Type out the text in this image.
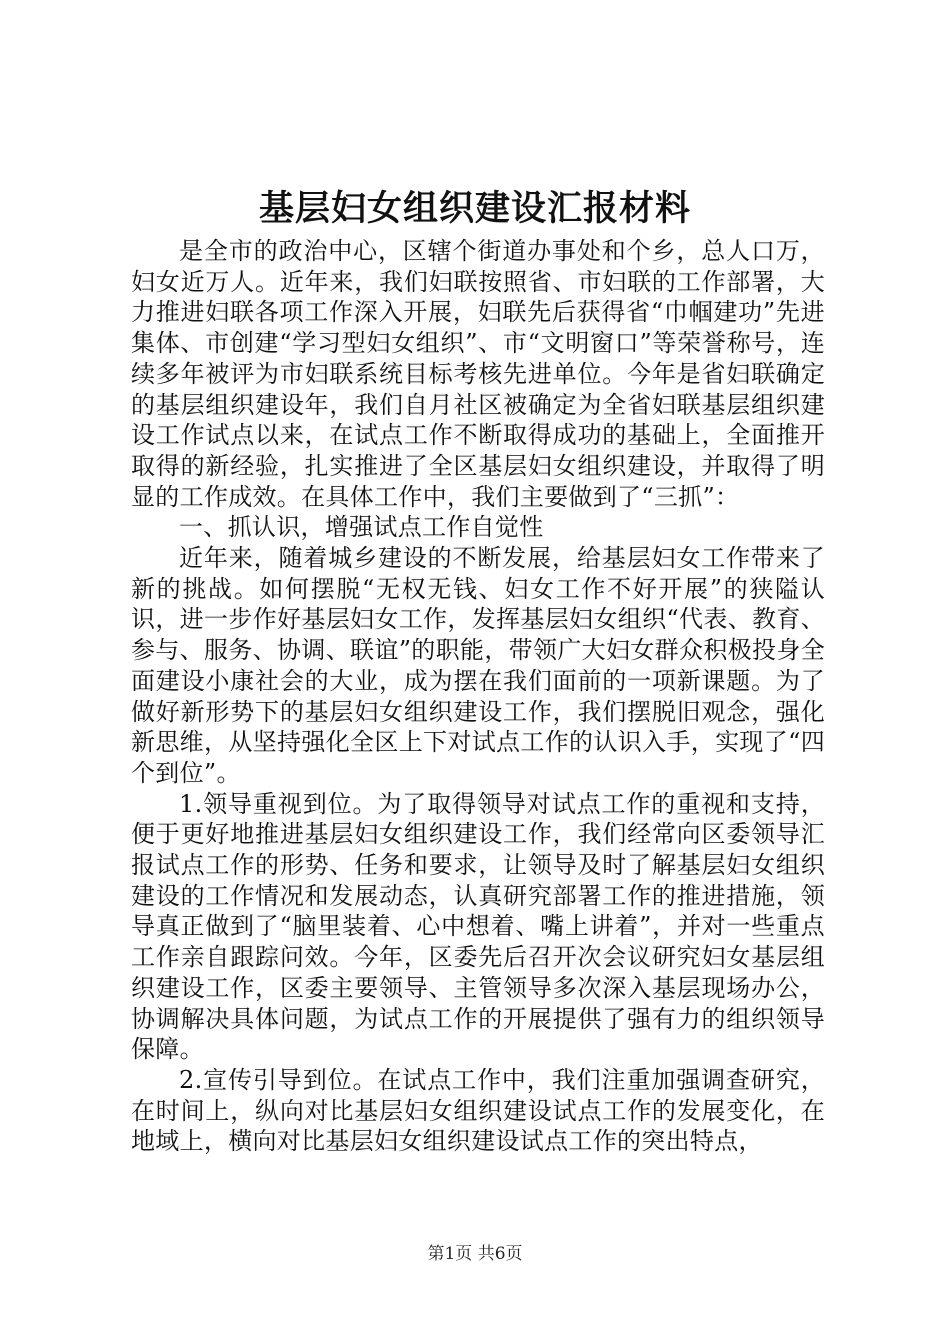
基层妇女组织建设汇报材料

是全市的政治中心，区辖个街道办事处和个乡，总人口万，妇女近万人。近年来，我们妇联按照省、市妇联的工作部署，大力推进妇联各项工作深入开展，妇联先后获得省“巾帼建功”先进集体、市创建“学习型妇女组织”、市“文明窗口”等荣誉称号，连续多年被评为市妇联系统目标考核先进单位。今年是省妇联确定的基层组织建设年，我们自月社区被确定为全省妇联基层组织建设工作试点以来，在试点工作不断取得成功的基础上，全面推开取得的新经验，扎实推进了全区基层妇女组织建设，并取得了明显的工作成效。在具体工作中，我们主要做到了“三抓”：

一、抓认识，增强试点工作自觉性

近年来，随着城乡建设的不断发展，给基层妇女工作带来了新的挑战。如何摆脱“无权无钱、妇女工作不好开展”的狭隘认识，进一步作好基层妇女工作，发挥基层妇女组织“代表、教育、参与、服务、协调、联谊”的职能，带领广大妇女群众积极投身全面建设小康社会的大业，成为摆在我们面前的一项新课题。为了做好新形势下的基层妇女组织建设工作，我们摆脱旧观念，强化新思维，从坚持强化全区上下对试点工作的认识入手，实现了“四个到位”。

1.领导重视到位。为了取得领导对试点工作的重视和支持，便于更好地推进基层妇女组织建设工作，我们经常向区委领导汇报试点工作的形势、任务和要求，让领导及时了解基层妇女组织建设的工作情况和发展动态，认真研究部署工作的推进措施，领导真正做到了“脑里装着、心中想着、嘴上讲着”，并对一些重点工作亲自跟踪问效。今年，区委先后召开次会议研究妇女基层组织建设工作，区委主要领导、主管领导多次深入基层现场办公，协调解决具体问题，为试点工作的开展提供了强有力的组织领导保障。

2.宣传引导到位。在试点工作中，我们注重加强调查研究，在时间上，纵向对比基层妇女组织建设试点工作的发展变化，在地域上，横向对比基层妇女组织建设试点工作的突出特点，

第1页 共6页
